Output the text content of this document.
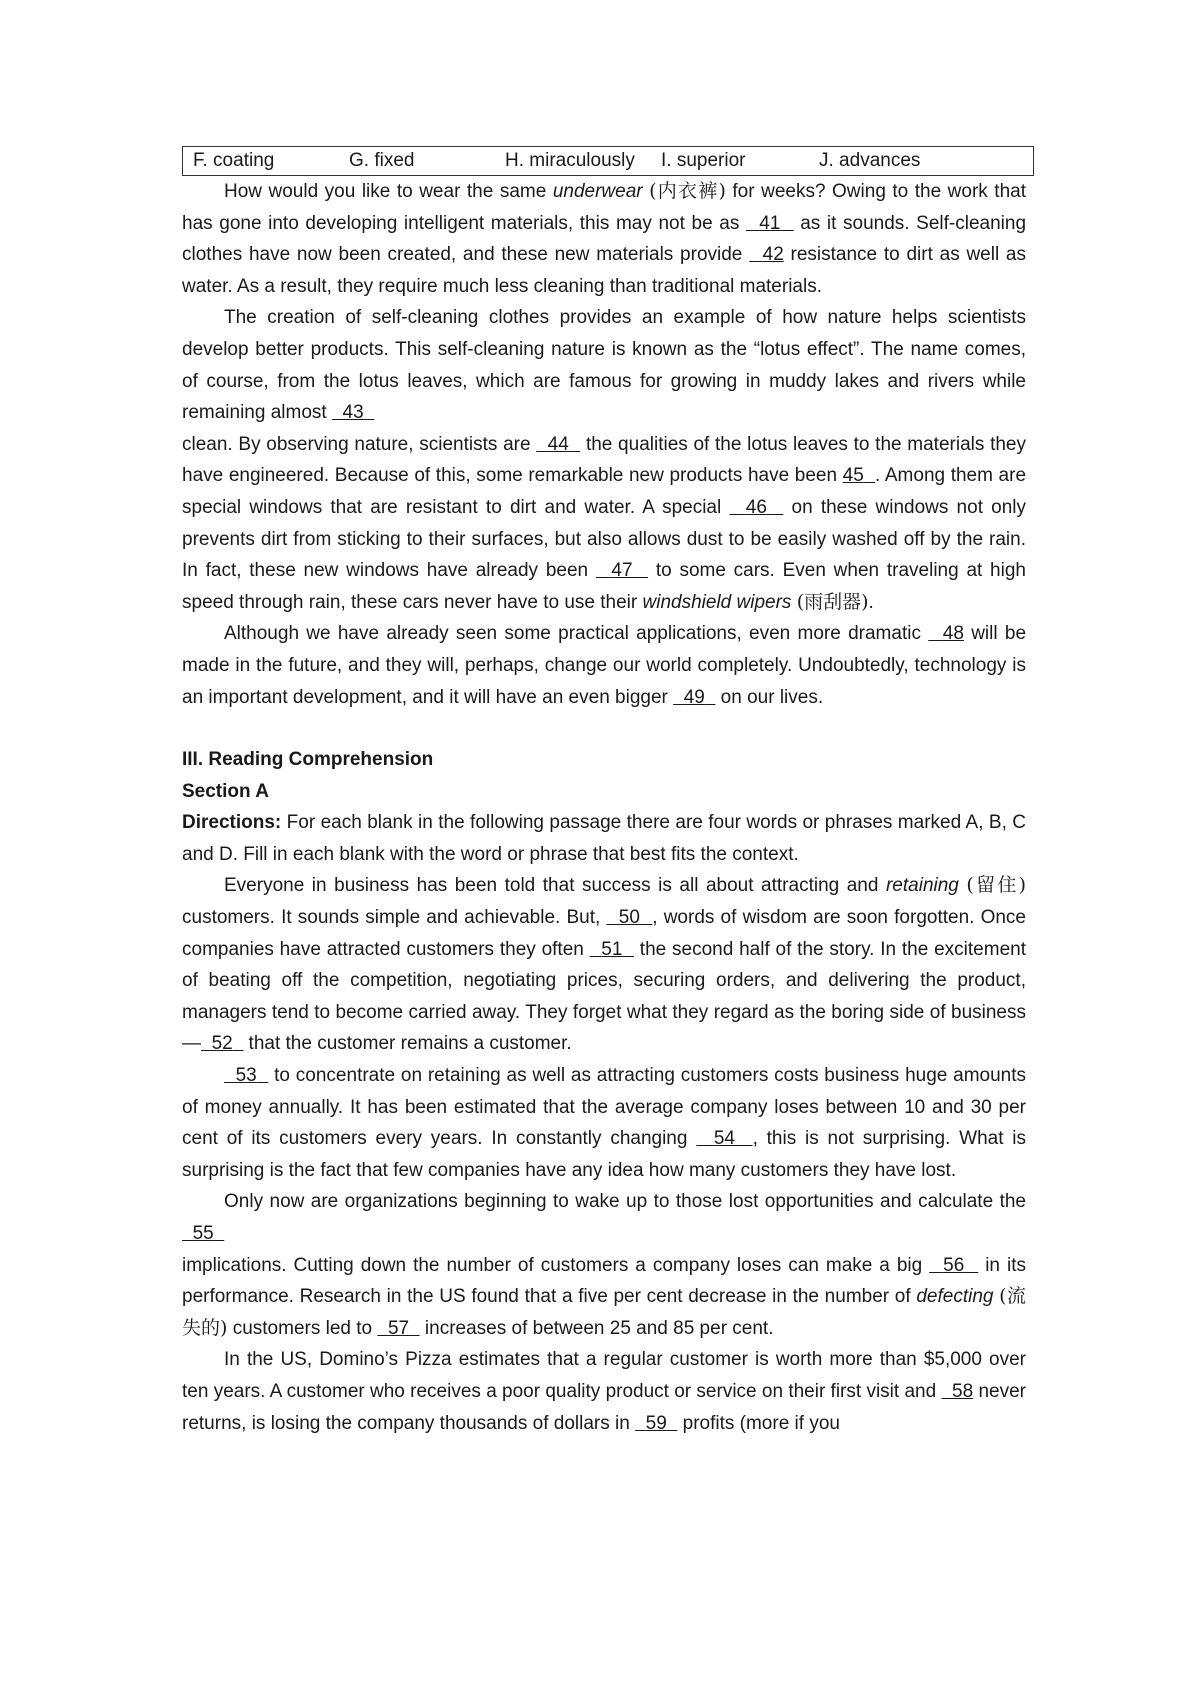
F. coating	G. fixed	H. miraculously I. superior	J. advances

How would you like to wear the same underwear (内衣裤) for weeks? Owing to the work that has gone into developing intelligent materials, this may not be as   41   as it sounds. Self-cleaning clothes have now been created, and these new materials provide   42 resistance to dirt as well as water. As a result, they require much less cleaning than traditional materials.

The creation of self-cleaning clothes provides an example of how nature helps scientists develop better products. This self-cleaning nature is known as the “lotus effect”. The name comes, of course, from the lotus leaves, which are famous for growing in muddy lakes and rivers while remaining almost   43
clean. By observing nature, scientists are   44   the qualities of the lotus leaves to the materials they have engineered. Because of this, some remarkable new products have been 45 . Among them are special windows that are resistant to dirt and water. A special   46   on these windows not only prevents dirt from sticking to their surfaces, but also allows dust to be easily washed off by the rain. In fact, these new windows have already been   47   to some cars. Even when traveling at high speed through rain, these cars never have to use their windshield wipers (雨刮器).

Although we have already seen some practical applications, even more dramatic   48 will be made in the future, and they will, perhaps, change our world completely. Undoubtedly, technology is an important development, and it will have an even bigger   49   on our lives.

III. Reading Comprehension

Section A

Directions: For each blank in the following passage there are four words or phrases marked A, B, C and D. Fill in each blank with the word or phrase that best fits the context.

Everyone in business has been told that success is all about attracting and retaining (留住) customers. It sounds simple and achievable. But,   50 , words of wisdom are soon forgotten. Once companies have attracted customers they often   51   the second half of the story. In the excitement of beating off the competition, negotiating prices, securing orders, and delivering the product, managers tend to become carried away. They forget what they regard as the boring side of business— 52   that the customer remains a customer.

53   to concentrate on retaining as well as attracting customers costs business huge amounts of money annually. It has been estimated that the average company loses between 10 and 30 per cent of its customers every years. In constantly changing   54 , this is not surprising. What is surprising is the fact that few companies have any idea how many customers they have lost.

Only now are organizations beginning to wake up to those lost opportunities and calculate the   55
implications. Cutting down the number of customers a company loses can make a big   56   in its performance. Research in the US found that a five per cent decrease in the number of defecting (流失的) customers led to   57   increases of between 25 and 85 per cent.

In the US, Domino’s Pizza estimates that a regular customer is worth more than $5,000 over ten years. A customer who receives a poor quality product or service on their first visit and   58 never returns, is losing the company thousands of dollars in   59   profits (more if you
